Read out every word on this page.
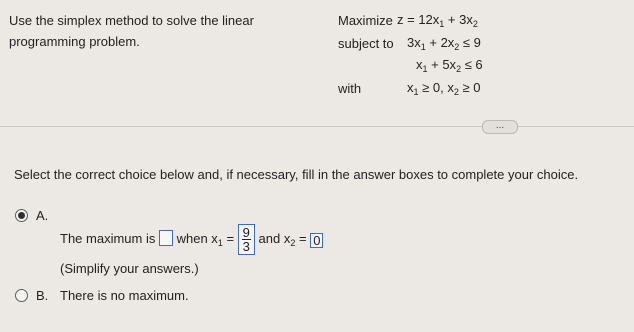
Use the simplex method to solve the linear
programming problem.
Maximize $z = 12x_1 + 3x_2$
subject to $3x_1 + 2x_2 \le 9$
$x_1 + 5x_2 \le 6$
with	$x_1 \ge 0$, $x_2 \ge 0$
...
Select the correct choice below and, if necessary, fill in the answer boxes to complete your choice.
A.
The maximum is when $x_1 = \frac{9}{3}$ and $x_2 = 0$
(Simplify your answers.)
B. There is no maximum.
